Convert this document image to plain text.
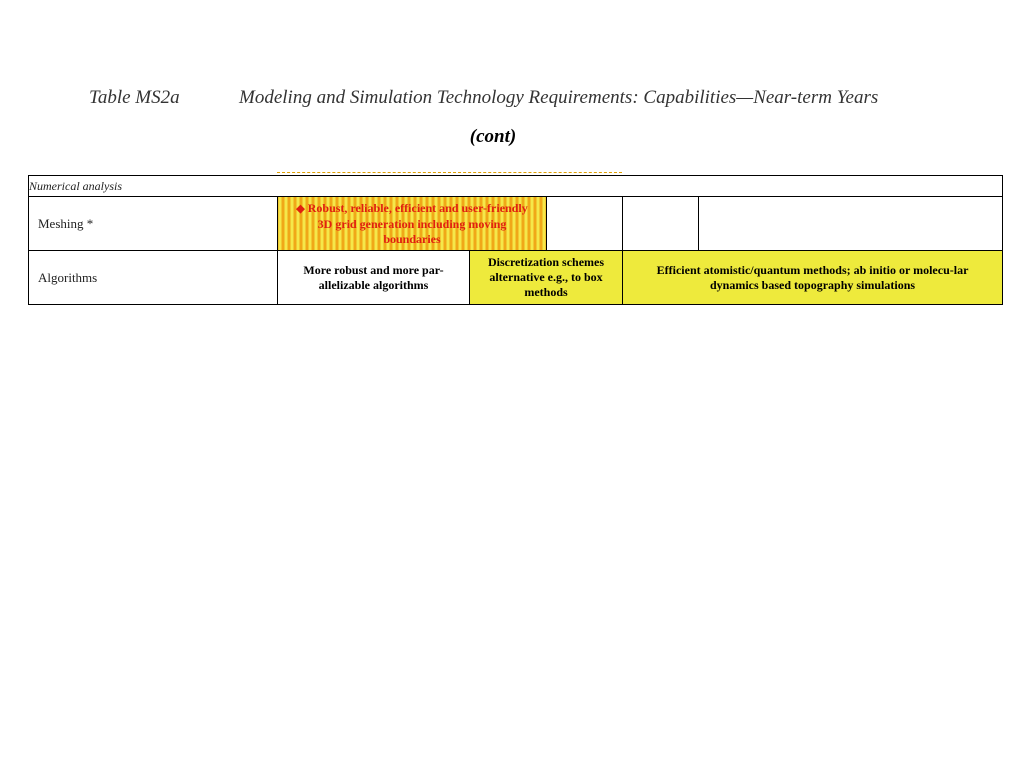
Table MS2a	Modeling and Simulation Technology Requirements: Capabilities—Near-term Years
(cont)
Numerical analysis					
Meshing *	◆ Robust, reliable, efficient and user-friendly 3D grid generation including moving boundaries				

Algorithms	More robust and more par-allelizable algorithms	Discretization schemes alternative e.g., to box methods		Efficient atomistic/quantum methods; ab initio or molecu-lar dynamics based topography simulations	
